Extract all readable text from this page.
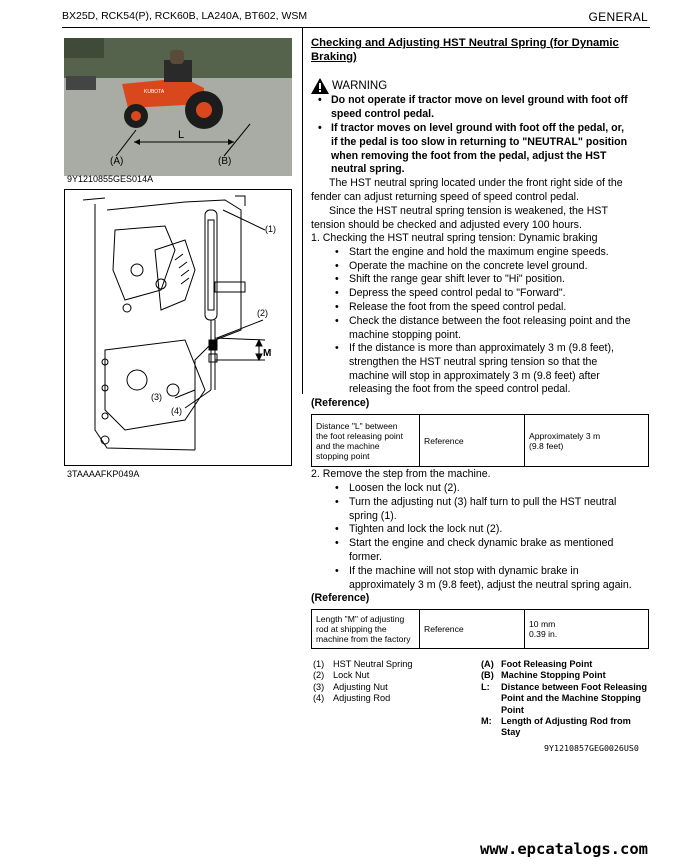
BX25D, RCK54(P), RCK60B, LA240A, BT602, WSM	GENERAL
L
(A)	(B)
KUBOTA
9Y1210855GES014A
(1)
(2)
M
(3)
(4)
3TAAAAFKP049A
Checking and Adjusting HST Neutral Spring (for Dynamic
Braking)
WARNING
• Do not operate if tractor move on level ground with foot off
speed control pedal.
• If tractor moves on level ground with foot off the pedal, or,
if the pedal is too slow in returning to "NEUTRAL" position
when removing the foot from the pedal, adjust the HST
neutral spring.
The HST neutral spring located under the front right side of the
fender can adjust returning speed of speed control pedal.
Since the HST neutral spring tension is weakened, the HST
tension should be checked and adjusted every 100 hours.
1. Checking the HST neutral spring tension: Dynamic braking
• Start the engine and hold the maximum engine speeds.
• Operate the machine on the concrete level ground.
• Shift the range gear shift lever to "Hi" position.
• Depress the speed control pedal to "Forward".
• Release the foot from the speed control pedal.
• Check the distance between the foot releasing point and the
machine stopping point.
• If the distance is more than approximately 3 m (9.8 feet),
strengthen the HST neutral spring tension so that the
machine will stop in approximately 3 m (9.8 feet) after
releasing the foot from the speed control pedal.
(Reference)
Distance "L" between
the foot releasing point
and the machine
stopping point
	Reference	Approximately 3 m
(9.8 feet)
2. Remove the step from the machine.
• Loosen the lock nut (2).
• Turn the adjusting nut (3) half turn to pull the HST neutral
spring (1).
• Tighten and lock the lock nut (2).
• Start the engine and check dynamic brake as mentioned
former.
• If the machine will not stop with dynamic brake in
approximately 3 m (9.8 feet), adjust the neutral spring again.
(Reference)
Length "M" of adjusting
rod at shipping the
machine from the factory
	Reference	10 mm
0.39 in.
(1) HST Neutral Spring
(2) Lock Nut
(3) Adjusting Nut
(4) Adjusting Rod
(A) Foot Releasing Point
(B) Machine Stopping Point
L: Distance between Foot Releasing
Point and the Machine Stopping
Point
M: Length of Adjusting Rod from
Stay
9Y1210857GEG0026US0
www.epcatalogs.com
